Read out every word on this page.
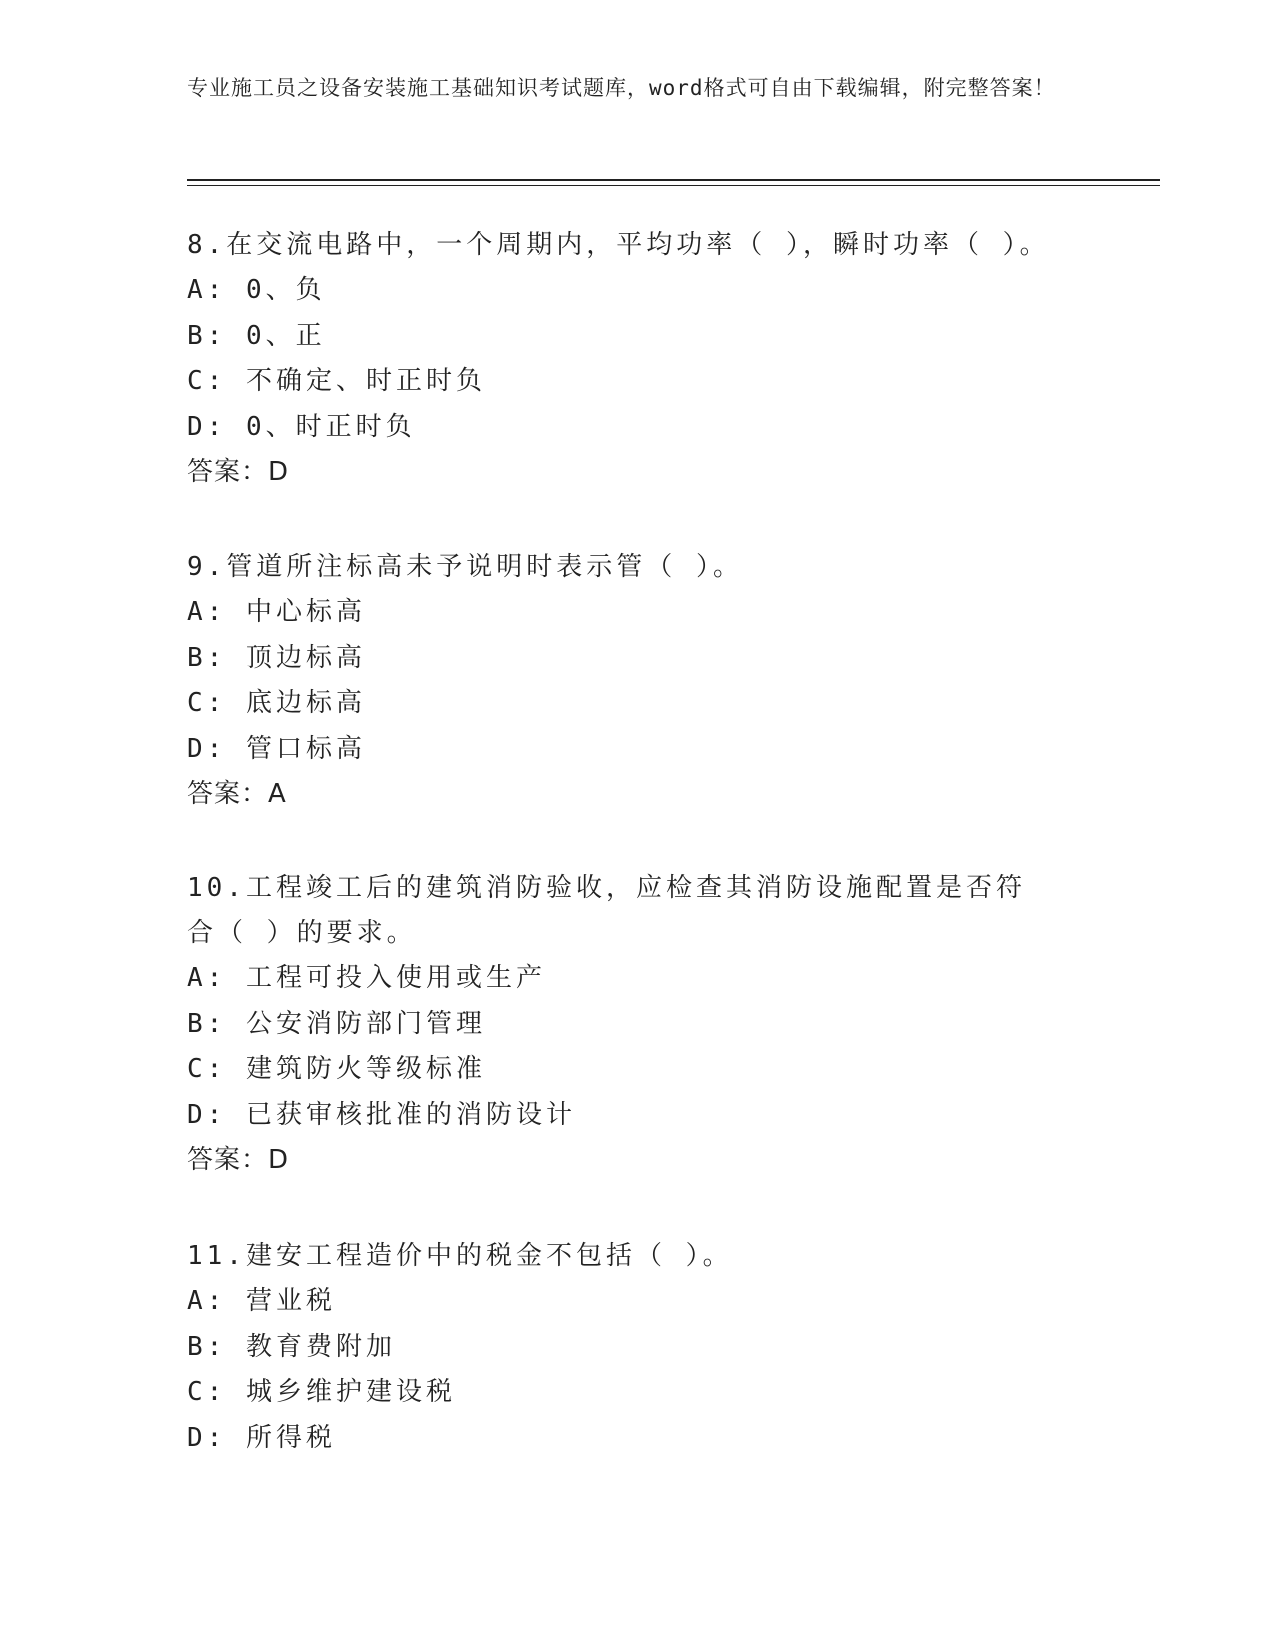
专业施工员之设备安装施工基础知识考试题库，word格式可自由下载编辑，附完整答案！

8.在交流电路中，一个周期内，平均功率（ ），瞬时功率（ ）。

A: 0、负

B: 0、正

C: 不确定、时正时负

D: 0、时正时负

答案：D

9.管道所注标高未予说明时表示管（ ）。

A: 中心标高

B: 顶边标高

C: 底边标高

D: 管口标高

答案：A

10.工程竣工后的建筑消防验收，应检查其消防设施配置是否符合（ ）的要求。

A: 工程可投入使用或生产

B: 公安消防部门管理

C: 建筑防火等级标准

D: 已获审核批准的消防设计

答案：D

11.建安工程造价中的税金不包括（ ）。

A: 营业税

B: 教育费附加

C: 城乡维护建设税

D: 所得税
